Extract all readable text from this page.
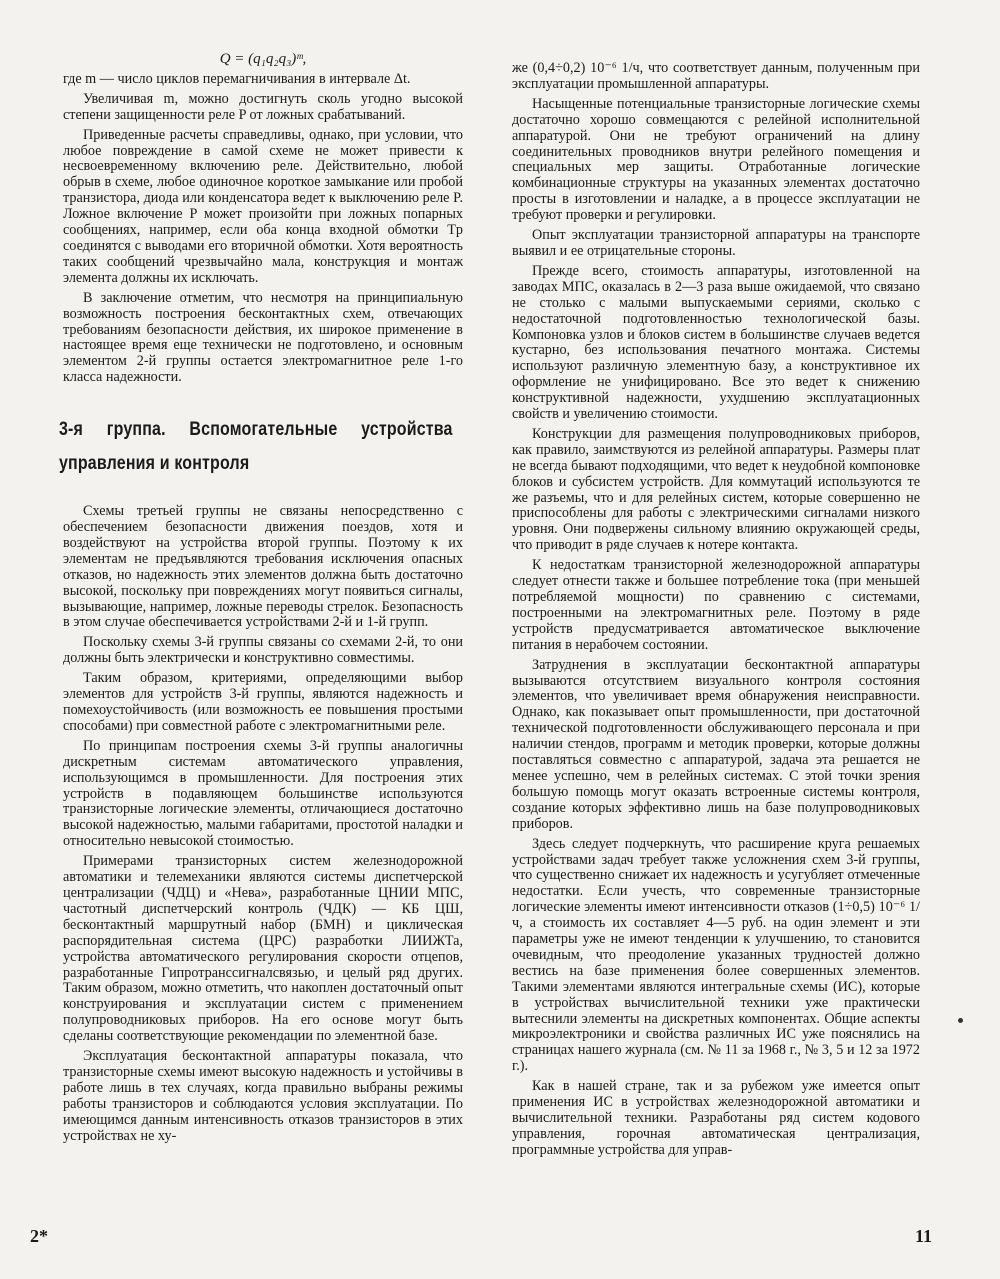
Q = (q₁q₂q₃)ᵐ,

где m — число циклов перемагничивания в интервале Δt.

Увеличивая m, можно достигнуть сколь угодно высокой степени защищенности реле P от ложных срабатываний.

Приведенные расчеты справедливы, однако, при условии, что любое повреждение в самой схеме не может привести к несвоевременному включению реле. Действительно, любой обрыв в схеме, любое одиночное короткое замыкание или пробой транзистора, диода или конденсатора ведет к выключению реле P. Ложное включение P может произойти при ложных попарных сообщениях, например, если оба конца входной обмотки Tp соединятся с выводами его вторичной обмотки. Хотя вероятность таких сообщений чрезвычайно мала, конструкция и монтаж элемента должны их исключать.

В заключение отметим, что несмотря на принципиальную возможность построения бесконтактных схем, отвечающих требованиям безопасности действия, их широкое применение в настоящее время еще технически не подготовлено, и основным элементом 2-й группы остается электромагнитное реле 1-го класса надежности.

3-я группа. Вспомогательные устройства управления и контроля

Схемы третьей группы не связаны непосредственно с обеспечением безопасности движения поездов, хотя и воздействуют на устройства второй группы. Поэтому к их элементам не предъявляются требования исключения опасных отказов, но надежность этих элементов должна быть достаточно высокой, поскольку при повреждениях могут появиться сигналы, вызывающие, например, ложные переводы стрелок. Безопасность в этом случае обеспечивается устройствами 2-й и 1-й групп.

Поскольку схемы 3-й группы связаны со схемами 2-й, то они должны быть электрически и конструктивно совместимы.

Таким образом, критериями, определяющими выбор элементов для устройств 3-й группы, являются надежность и помехоустойчивость (или возможность ее повышения простыми способами) при совместной работе с электромагнитными реле.

По принципам построения схемы 3-й группы аналогичны дискретным системам автоматического управления, использующимся в промышленности. Для построения этих устройств в подавляющем большинстве используются транзисторные логические элементы, отличающиеся достаточно высокой надежностью, малыми габаритами, простотой наладки и относительно невысокой стоимостью.

Примерами транзисторных систем железнодорожной автоматики и телемеханики являются системы диспетчерской централизации (ЧДЦ) и «Нева», разработанные ЦНИИ МПС, частотный диспетчерский контроль (ЧДК) — КБ ЦШ, бесконтактный маршрутный набор (БМН) и циклическая распорядительная система (ЦРС) разработки ЛИИЖТа, устройства автоматического регулирования скорости отцепов, разработанные Гипротранссигналсвязью, и целый ряд других. Таким образом, можно отметить, что накоплен достаточный опыт конструирования и эксплуатации систем с применением полупроводниковых приборов. На его основе могут быть сделаны соответствующие рекомендации по элементной базе.

Эксплуатация бесконтактной аппаратуры показала, что транзисторные схемы имеют высокую надежность и устойчивы в работе лишь в тех случаях, когда правильно выбраны режимы работы транзисторов и соблюдаются условия эксплуатации. По имеющимся данным интенсивность отказов транзисторов в этих устройствах не ху-

же (0,4÷0,2) 10⁻⁶ 1/ч, что соответствует данным, полученным при эксплуатации промышленной аппаратуры.

Насыщенные потенциальные транзисторные логические схемы достаточно хорошо совмещаются с релейной исполнительной аппаратурой. Они не требуют ограничений на длину соединительных проводников внутри релейного помещения и специальных мер защиты. Отработанные логические комбинационные структуры на указанных элементах достаточно просты в изготовлении и наладке, а в процессе эксплуатации не требуют проверки и регулировки.

Опыт эксплуатации транзисторной аппаратуры на транспорте выявил и ее отрицательные стороны.

Прежде всего, стоимость аппаратуры, изготовленной на заводах МПС, оказалась в 2—3 раза выше ожидаемой, что связано не столько с малыми выпускаемыми сериями, сколько с недостаточной подготовленностью технологической базы. Компоновка узлов и блоков систем в большинстве случаев ведется кустарно, без использования печатного монтажа. Системы используют различную элементную базу, а конструктивное их оформление не унифицировано. Все это ведет к снижению конструктивной надежности, ухудшению эксплуатационных свойств и увеличению стоимости.

Конструкции для размещения полупроводниковых приборов, как правило, заимствуются из релейной аппаратуры. Размеры плат не всегда бывают подходящими, что ведет к неудобной компоновке блоков и субсистем устройств. Для коммутаций используются те же разъемы, что и для релейных систем, которые совершенно не приспособлены для работы с электрическими сигналами низкого уровня. Они подвержены сильному влиянию окружающей среды, что приводит в ряде случаев к нотере контакта.

К недостаткам транзисторной железнодорожной аппаратуры следует отнести также и большее потребление тока (при меньшей потребляемой мощности) по сравнению с системами, построенными на электромагнитных реле. Поэтому в ряде устройств предусматривается автоматическое выключение питания в нерабочем состоянии.

Затруднения в эксплуатации бесконтактной аппаратуры вызываются отсутствием визуального контроля состояния элементов, что увеличивает время обнаружения неисправности. Однако, как показывает опыт промышленности, при достаточной технической подготовленности обслуживающего персонала и при наличии стендов, программ и методик проверки, которые должны поставляться совместно с аппаратурой, задача эта решается не менее успешно, чем в релейных системах. С этой точки зрения большую помощь могут оказать встроенные системы контроля, создание которых эффективно лишь на базе полупроводниковых приборов.

Здесь следует подчеркнуть, что расширение круга решаемых устройствами задач требует также усложнения схем 3-й группы, что существенно снижает их надежность и усугубляет отмеченные недостатки. Если учесть, что современные транзисторные логические элементы имеют интенсивности отказов (1÷0,5) 10⁻⁶ 1/ч, а стоимость их составляет 4—5 руб. на один элемент и эти параметры уже не имеют тенденции к улучшению, то становится очевидным, что преодоление указанных трудностей должно вестись на базе применения более совершенных элементов. Такими элементами являются интегральные схемы (ИС), которые в устройствах вычислительной техники уже практически вытеснили элементы на дискретных компонентах. Общие аспекты микроэлектроники и свойства различных ИС уже пояснялись на страницах нашего журнала (см. № 11 за 1968 г., № 3, 5 и 12 за 1972 г.).

Как в нашей стране, так и за рубежом уже имеется опыт применения ИС в устройствах железнодорожной автоматики и вычислительной техники. Разработаны ряд систем кодового управления, горочная автоматическая централизация, программные устройства для управ-

2*	11
